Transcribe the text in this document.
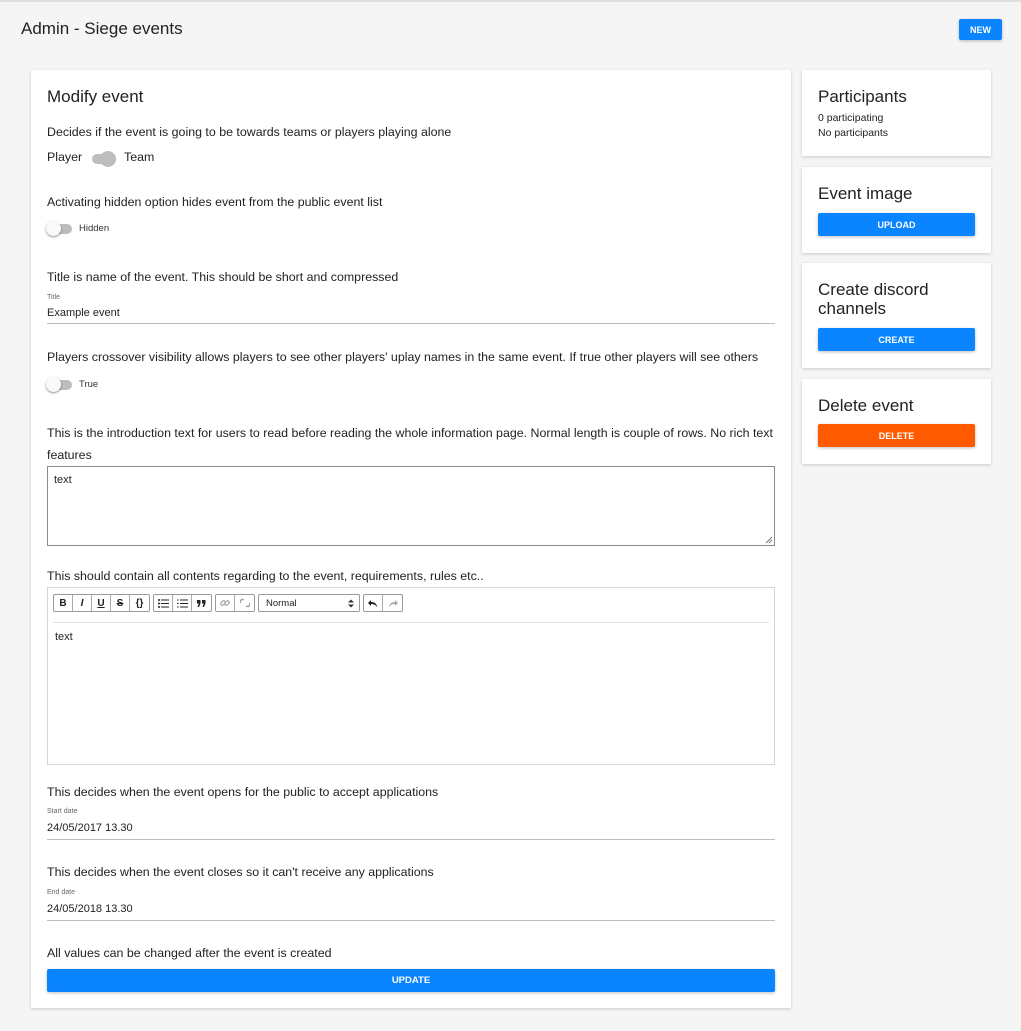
Admin - Siege events	NEW
Modify event
Decides if the event is going to be towards teams or players playing alone
Player	Team
Activating hidden option hides event from the public event list
Hidden
Title is name of the event. This should be short and compressed
Title
Example event
Players crossover visibility allows players to see other players' uplay names in the same event. If true other players will see others
True
This is the introduction text for users to read before reading the whole information page. Normal length is couple of rows. No rich text features
text
This should contain all contents regarding to the event, requirements, rules etc..
B	I	U	S	{}	Normal
text
This decides when the event opens for the public to accept applications
Start date
24/05/2017 13.30
This decides when the event closes so it can't receive any applications
End date
24/05/2018 13.30
All values can be changed after the event is created
UPDATE
Participants
0 participating
No participants
Event image
UPLOAD
Create discord channels
CREATE
Delete event
DELETE
